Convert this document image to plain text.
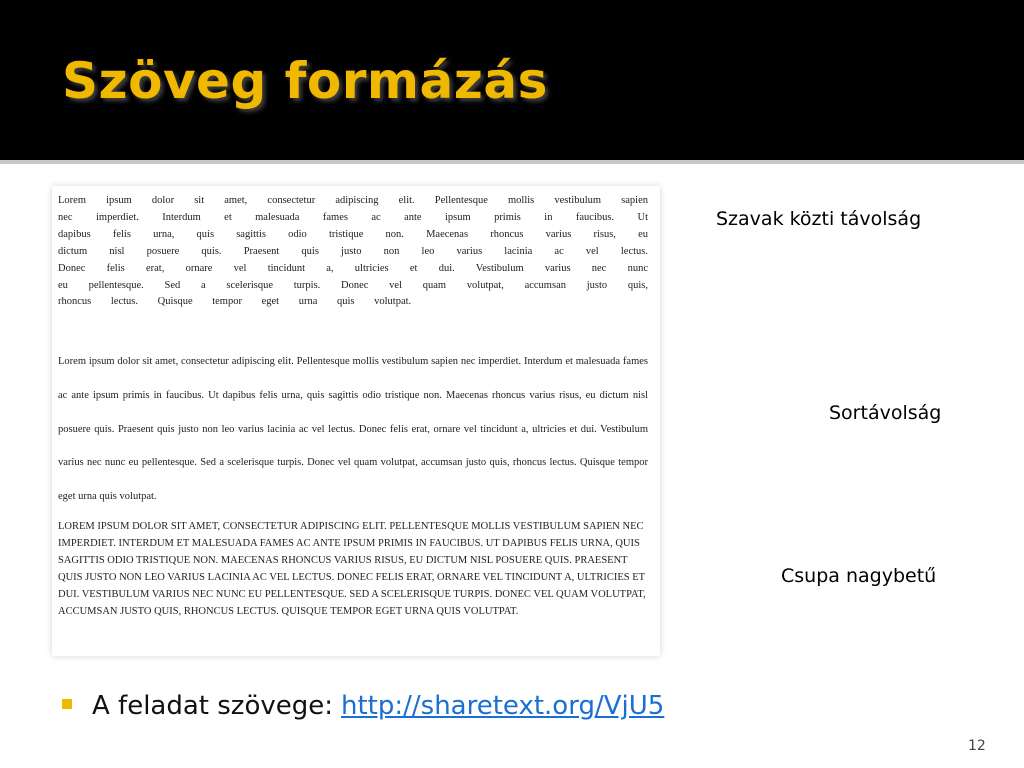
Szöveg formázás

Lorem ipsum dolor sit amet, consectetur adipiscing elit. Pellentesque mollis vestibulum sapien nec imperdiet. Interdum et malesuada fames ac ante ipsum primis in faucibus. Ut dapibus felis urna, quis sagittis odio tristique non. Maecenas rhoncus varius risus, eu dictum nisl posuere quis. Praesent quis justo non leo varius lacinia ac vel lectus. Donec felis erat, ornare vel tincidunt a, ultricies et dui. Vestibulum varius nec nunc eu pellentesque. Sed a scelerisque turpis. Donec vel quam volutpat, accumsan justo quis, rhoncus lectus. Quisque tempor eget urna quis volutpat.

Lorem ipsum dolor sit amet, consectetur adipiscing elit. Pellentesque mollis vestibulum sapien nec imperdiet. Interdum et malesuada fames ac ante ipsum primis in faucibus. Ut dapibus felis urna, quis sagittis odio tristique non. Maecenas rhoncus varius risus, eu dictum nisl posuere quis. Praesent quis justo non leo varius lacinia ac vel lectus. Donec felis erat, ornare vel tincidunt a, ultricies et dui. Vestibulum varius nec nunc eu pellentesque. Sed a scelerisque turpis. Donec vel quam volutpat, accumsan justo quis, rhoncus lectus. Quisque tempor eget urna quis volutpat.

LOREM IPSUM DOLOR SIT AMET, CONSECTETUR ADIPISCING ELIT. PELLENTESQUE MOLLIS VESTIBULUM SAPIEN NEC IMPERDIET. INTERDUM ET MALESUADA FAMES AC ANTE IPSUM PRIMIS IN FAUCIBUS. UT DAPIBUS FELIS URNA, QUIS SAGITTIS ODIO TRISTIQUE NON. MAECENAS RHONCUS VARIUS RISUS, EU DICTUM NISL POSUERE QUIS. PRAESENT QUIS JUSTO NON LEO VARIUS LACINIA AC VEL LECTUS. DONEC FELIS ERAT, ORNARE VEL TINCIDUNT A, ULTRICIES ET DUI. VESTIBULUM VARIUS NEC NUNC EU PELLENTESQUE. SED A SCELERISQUE TURPIS. DONEC VEL QUAM VOLUTPAT, ACCUMSAN JUSTO QUIS, RHONCUS LECTUS. QUISQUE TEMPOR EGET URNA QUIS VOLUTPAT.

Szavak közti távolság
Sortávolság
Csupa nagybetű
A feladat szövege: http://sharetext.org/VjU5
12
